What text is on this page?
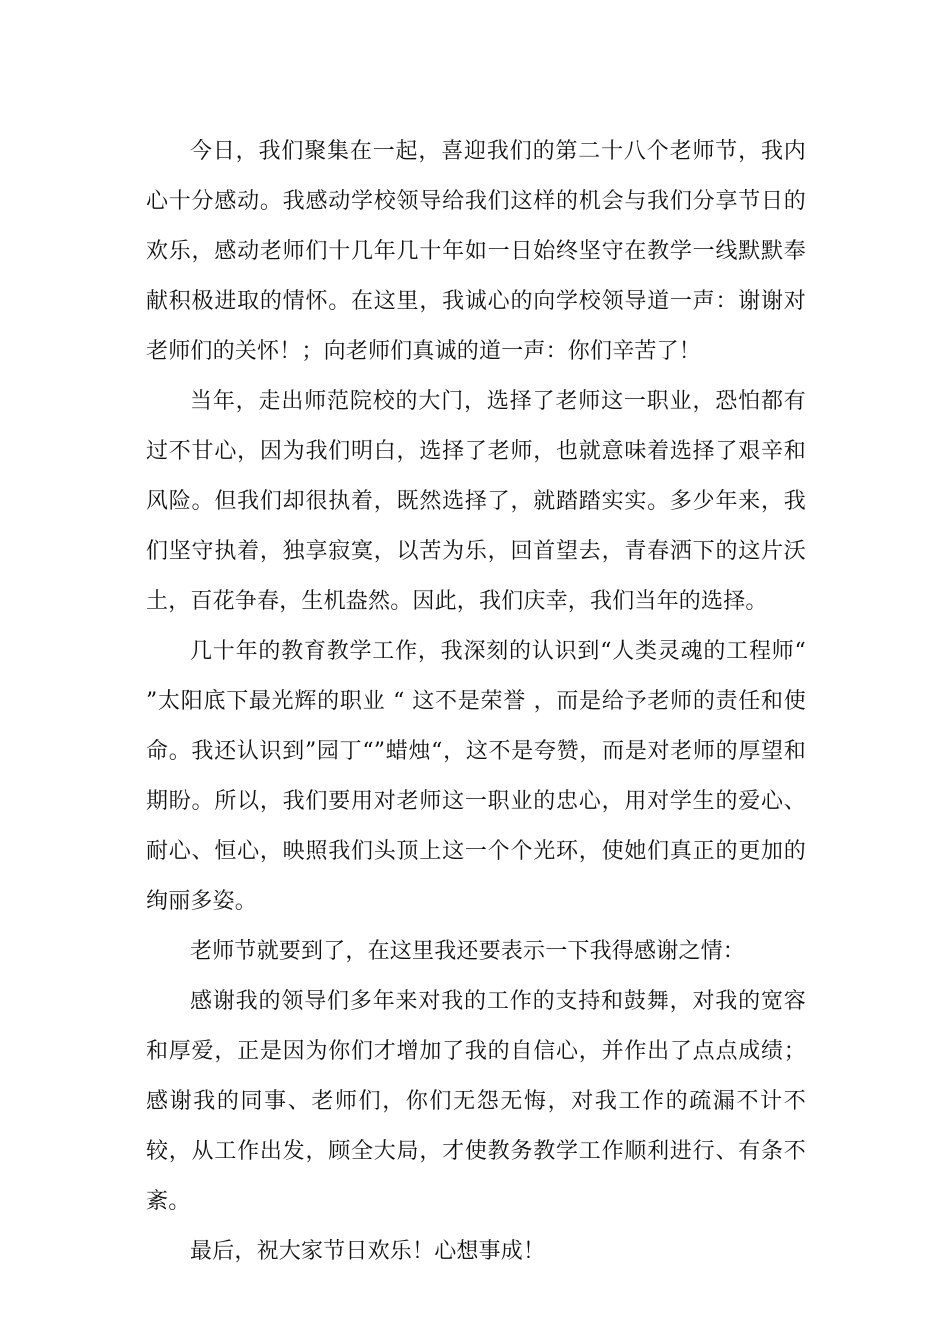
今日，我们聚集在一起，喜迎我们的第二十八个老师节，我内心十分感动。我感动学校领导给我们这样的机会与我们分享节日的欢乐，感动老师们十几年几十年如一日始终坚守在教学一线默默奉献积极进取的情怀。在这里，我诚心的向学校领导道一声：谢谢对老师们的关怀！；向老师们真诚的道一声：你们辛苦了！

当年，走出师范院校的大门，选择了老师这一职业，恐怕都有过不甘心，因为我们明白，选择了老师，也就意味着选择了艰辛和风险。但我们却很执着，既然选择了，就踏踏实实。多少年来，我们坚守执着，独享寂寞，以苦为乐，回首望去，青春洒下的这片沃土，百花争春，生机盎然。因此，我们庆幸，我们当年的选择。

几十年的教育教学工作，我深刻的认识到“人类灵魂的工程师“ ”太阳底下最光辉的职业 “ 这不是荣誉 ，而是给予老师的责任和使命。我还认识到”园丁“”蜡烛“，这不是夸赞，而是对老师的厚望和期盼。所以，我们要用对老师这一职业的忠心，用对学生的爱心、耐心、恒心，映照我们头顶上这一个个光环，使她们真正的更加的绚丽多姿。

老师节就要到了，在这里我还要表示一下我得感谢之情：

感谢我的领导们多年来对我的工作的支持和鼓舞，对我的宽容和厚爱，正是因为你们才增加了我的自信心，并作出了点点成绩；感谢我的同事、老师们，你们无怨无悔，对我工作的疏漏不计不较，从工作出发，顾全大局，才使教务教学工作顺利进行、有条不紊。

最后，祝大家节日欢乐！心想事成！
